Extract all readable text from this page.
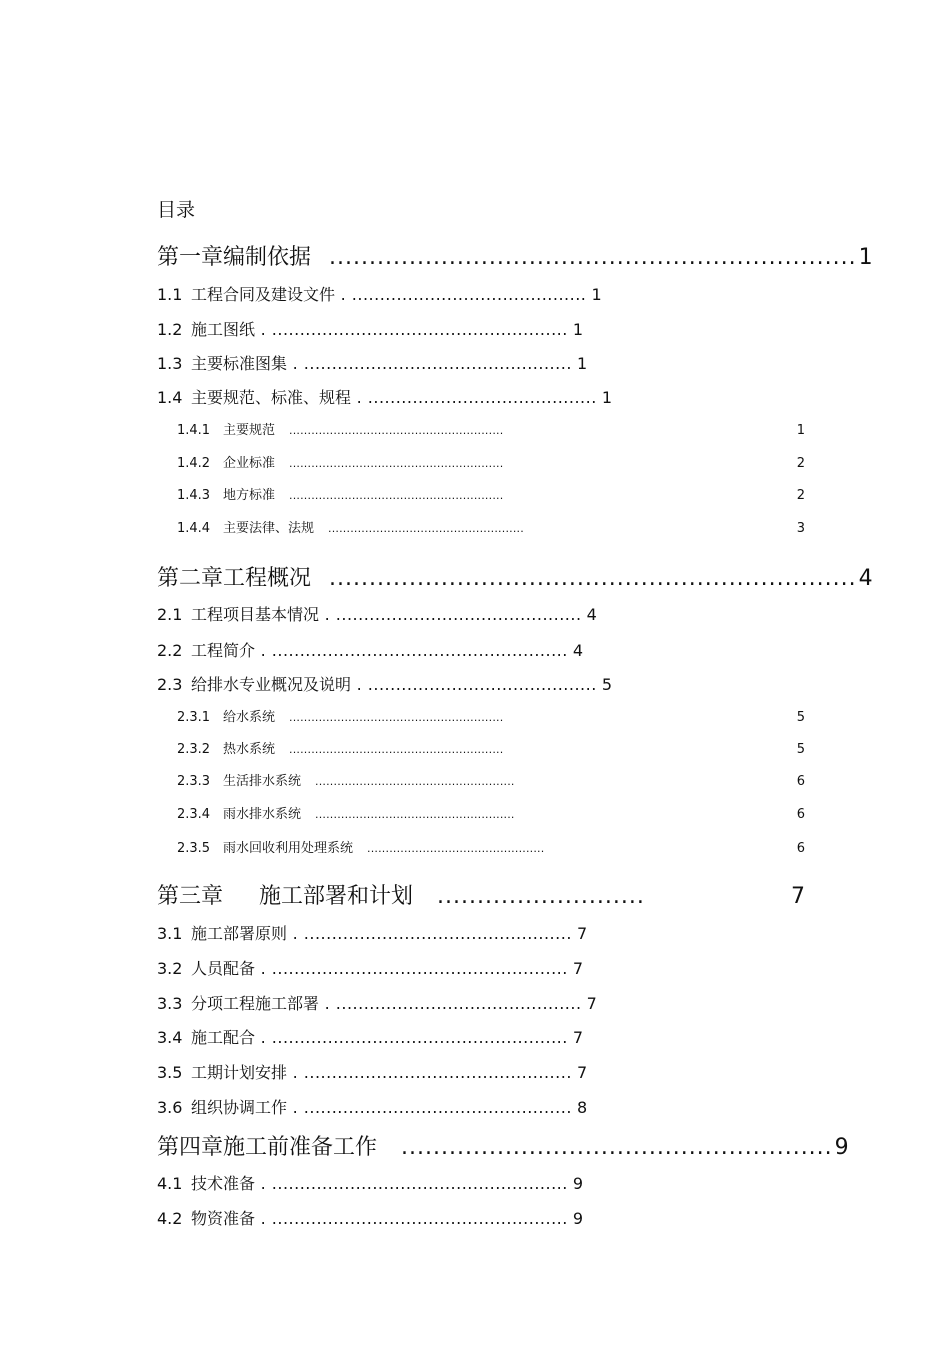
目录
第一章 编制依据 .................................................................. 1
1.1 工程合同及建设文件 . .......................................... 1
1.2 施工图纸 . ..................................................... 1
1.3 主要标准图集 . ................................................ 1
1.4 主要规范、标准、规程 . ......................................... 1
1.4.1 主要规范 ..........................................................	1
1.4.2 企业标准 ..........................................................	2
1.4.3 地方标准 ..........................................................	2
1.4.4 主要法律、法规 .....................................................	3
第二章 工程概况 .................................................................. 4
2.1 工程项目基本情况 . ............................................ 4
2.2 工程简介 . ..................................................... 4
2.3 给排水专业概况及说明 . ......................................... 5
2.3.1 给水系统 ..........................................................	5
2.3.2 热水系统 ..........................................................	5
2.3.3 生活排水系统 ......................................................	6
2.3.4 雨水排水系统 ......................................................	6
2.3.5 雨水回收利用处理系统 ................................................	6
第三章	施工部署和计划 ..........................	7
3.1 施工部署原则 . ................................................ 7
3.2 人员配备 . ..................................................... 7
3.3 分项工程施工部署 . ............................................ 7
3.4 施工配合 . ..................................................... 7
3.5 工期计划安排 . ................................................ 7
3.6 组织协调工作 . ................................................ 8
第四章 施工前准备工作 ...................................................... 9
4.1 技术准备 . ..................................................... 9
4.2 物资准备 . ..................................................... 9
